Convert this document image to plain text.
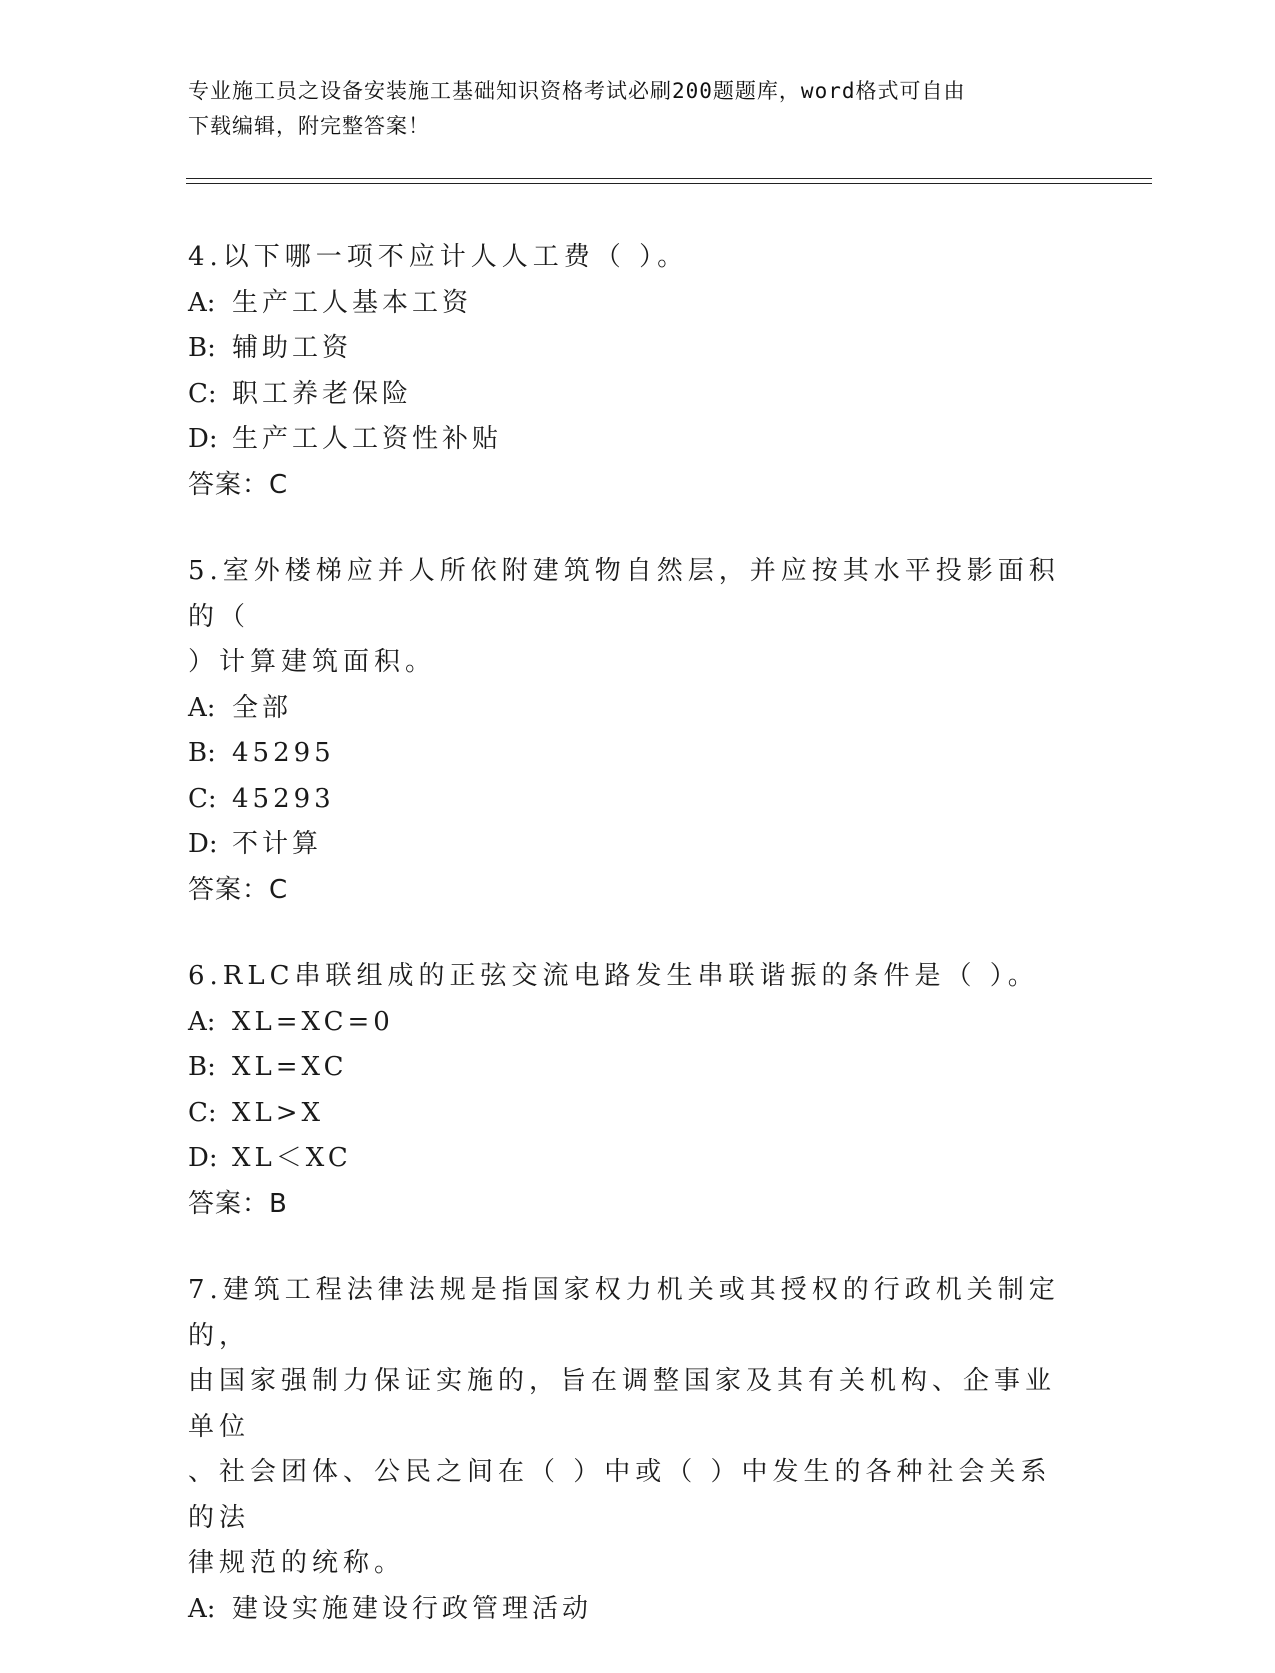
专业施工员之设备安装施工基础知识资格考试必刷200题题库，word格式可自由
下载编辑，附完整答案！
4.以下哪一项不应计人人工费（ ）。
A: 生产工人基本工资
B: 辅助工资
C: 职工养老保险
D: 生产工人工资性补贴
答案：C
5.室外楼梯应并人所依附建筑物自然层，并应按其水平投影面积的（
）计算建筑面积。
A: 全部
B: 45295
C: 45293
D: 不计算
答案：C
6.RLC串联组成的正弦交流电路发生串联谐振的条件是（ ）。
A: XL=XC=0
B: XL=XC
C: XL>X
D: XL＜XC
答案：B
7.建筑工程法律法规是指国家权力机关或其授权的行政机关制定的，
由国家强制力保证实施的，旨在调整国家及其有关机构、企事业单位
、社会团体、公民之间在（ ）中或（ ）中发生的各种社会关系的法
律规范的统称。
A: 建设实施建设行政管理活动
